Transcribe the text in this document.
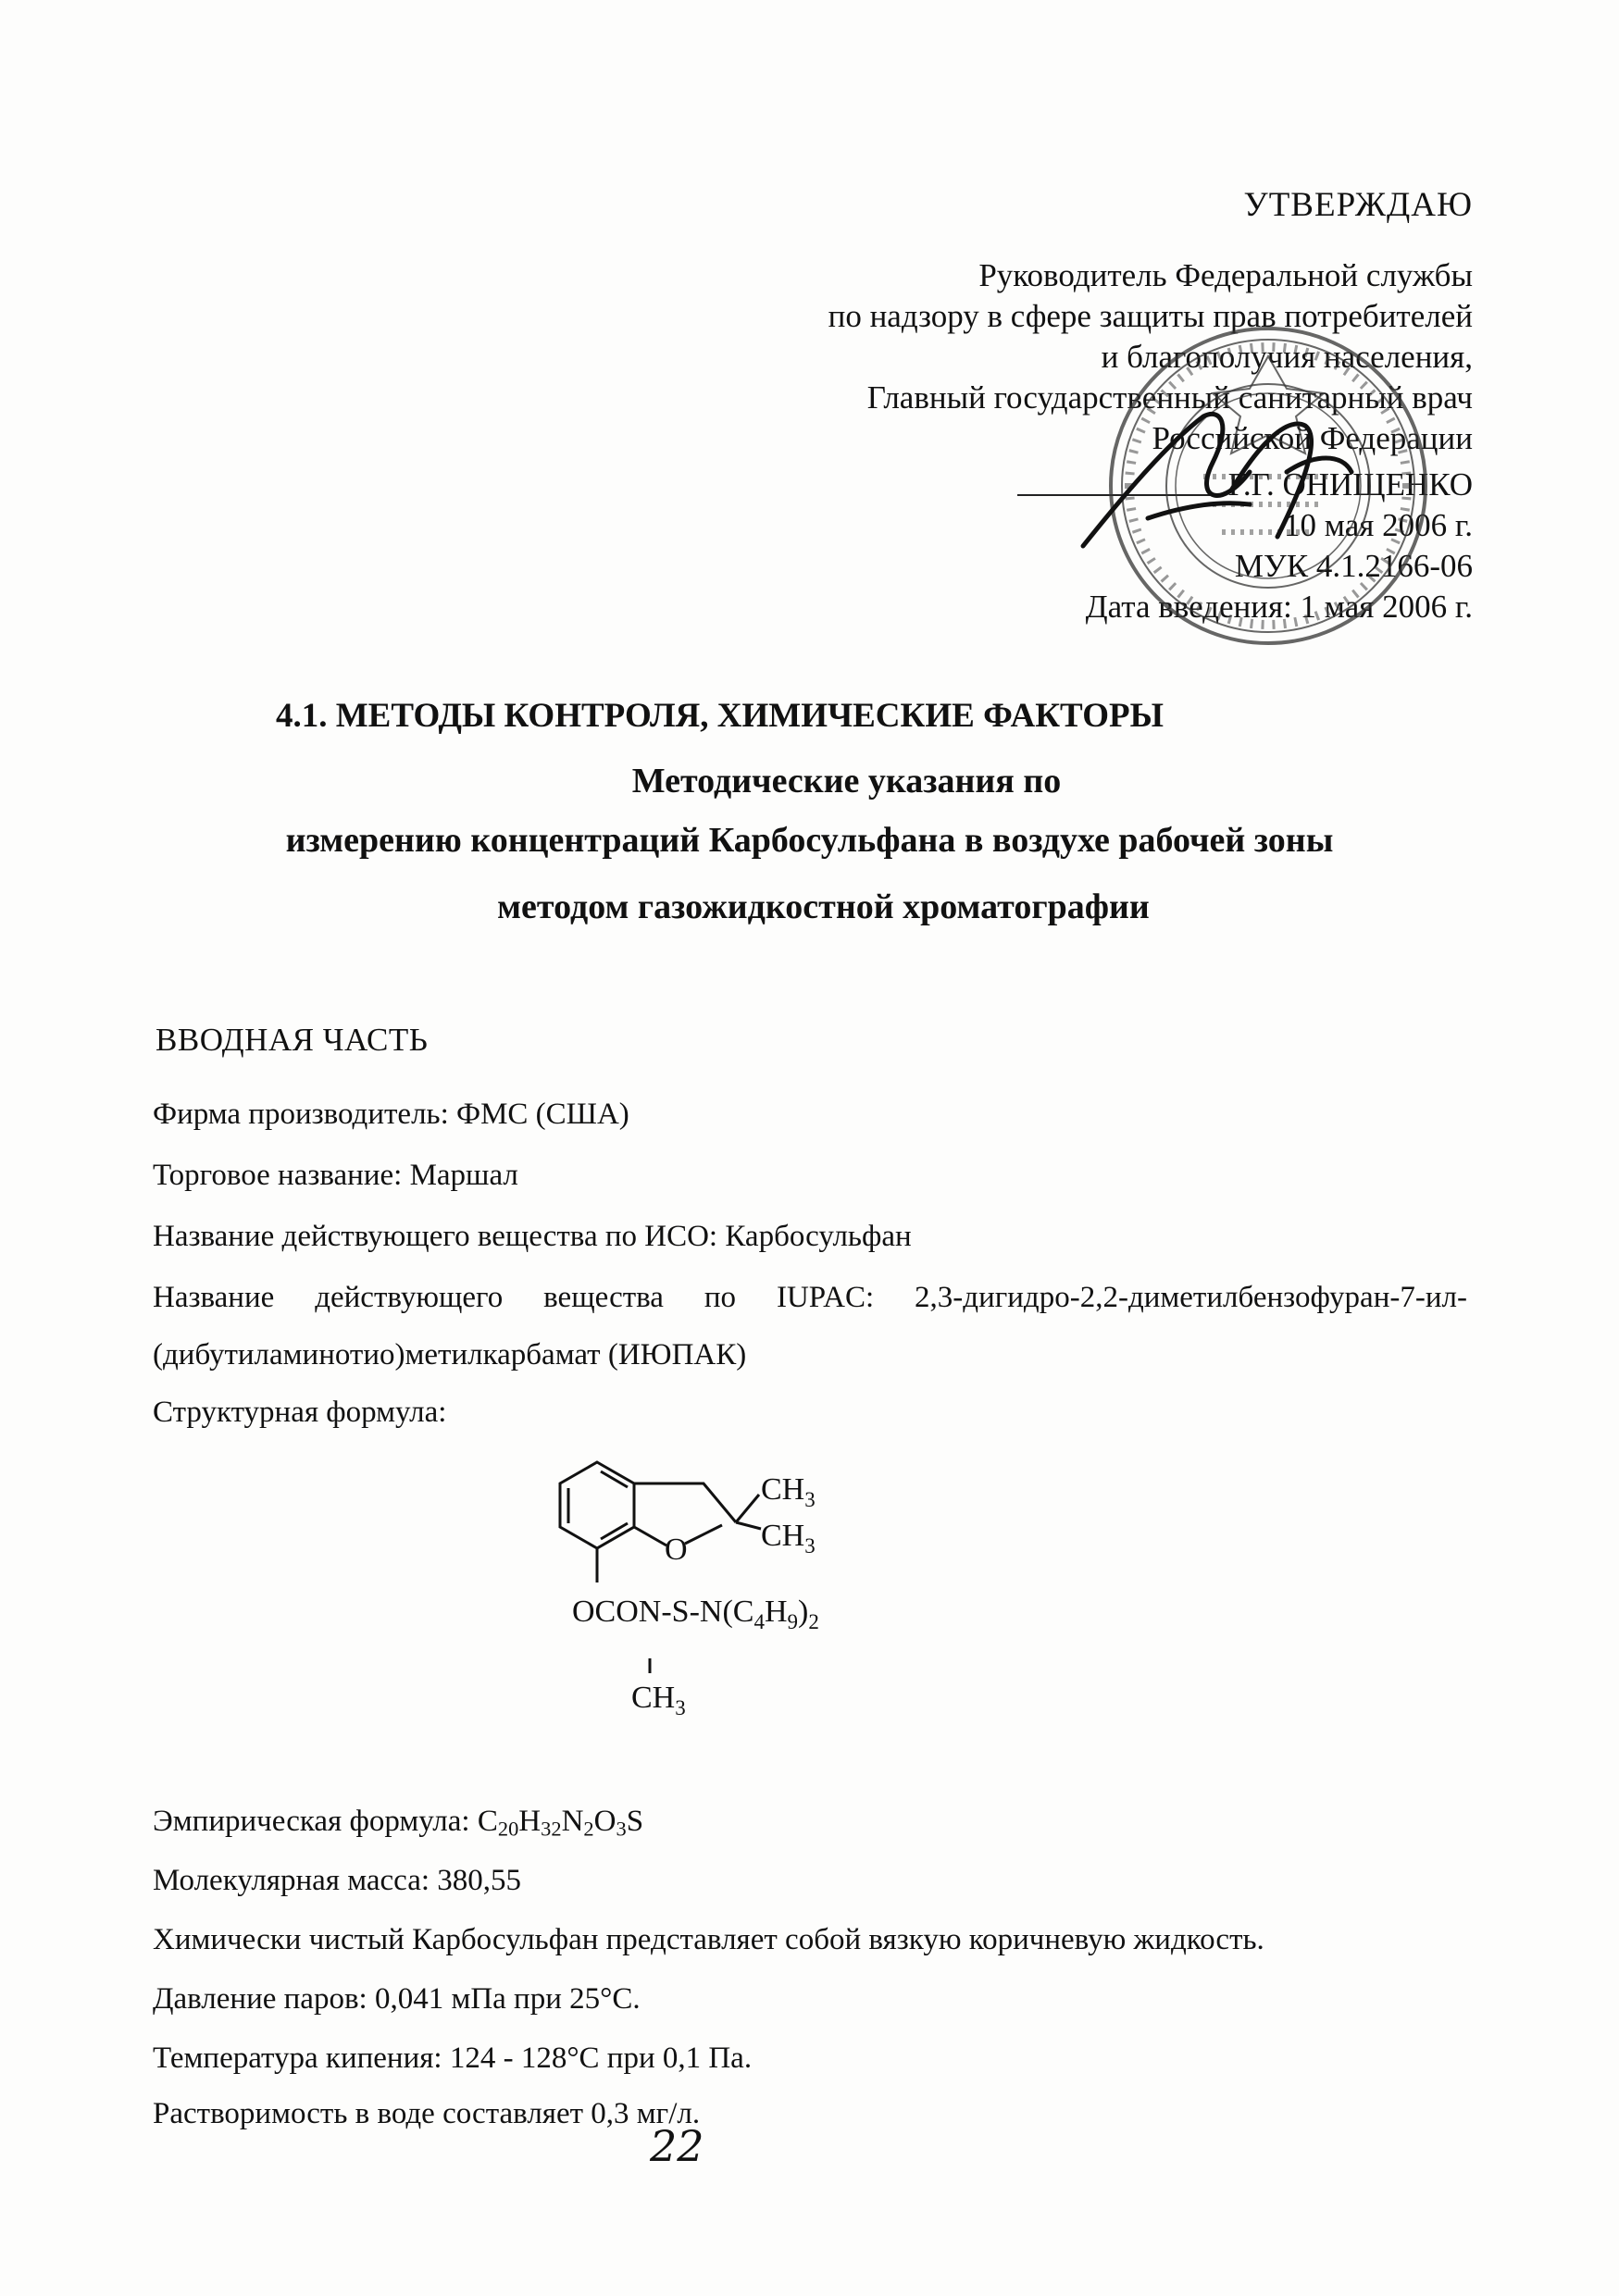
УТВЕРЖДАЮ
Руководитель Федеральной службы
по надзору в сфере защиты прав потребителей
и благополучия населения,
Главный государственный санитарный врач
Российской Федерации
Г.Г. ОНИЩЕНКО
10 мая 2006 г.
МУК 4.1.2166-06
Дата введения: 1 мая 2006 г.
4.1. МЕТОДЫ КОНТРОЛЯ, ХИМИЧЕСКИЕ ФАКТОРЫ
Методические указания по
измерению концентраций Карбосульфана в воздухе рабочей зоны
методом газожидкостной хроматографии
ВВОДНАЯ ЧАСТЬ
Фирма производитель: ФМС (США)
Торговое название: Маршал
Название действующего вещества по ИСО: Карбосульфан
Название действующего вещества по IUPAC: 2,3-дигидро-2,2-диметилбензофуран-7-ил-
(дибутиламинотио)метилкарбамат (ИЮПАК)
Структурная формула:
$CH_3$
$CH_3$
O
OCON-$S-N(C_4H_9)_2$
$CH_3$
Эмпирическая формула: $C_{20}H_{32}N_2O_3S$
Молекулярная масса: 380,55
Химически чистый Карбосульфан представляет собой вязкую коричневую жидкость.
Давление паров: 0,041 мПа при 25°С.
Температура кипения: 124 - 128°С при 0,1 Па.
Растворимость в воде составляет 0,3 мг/л.
22
